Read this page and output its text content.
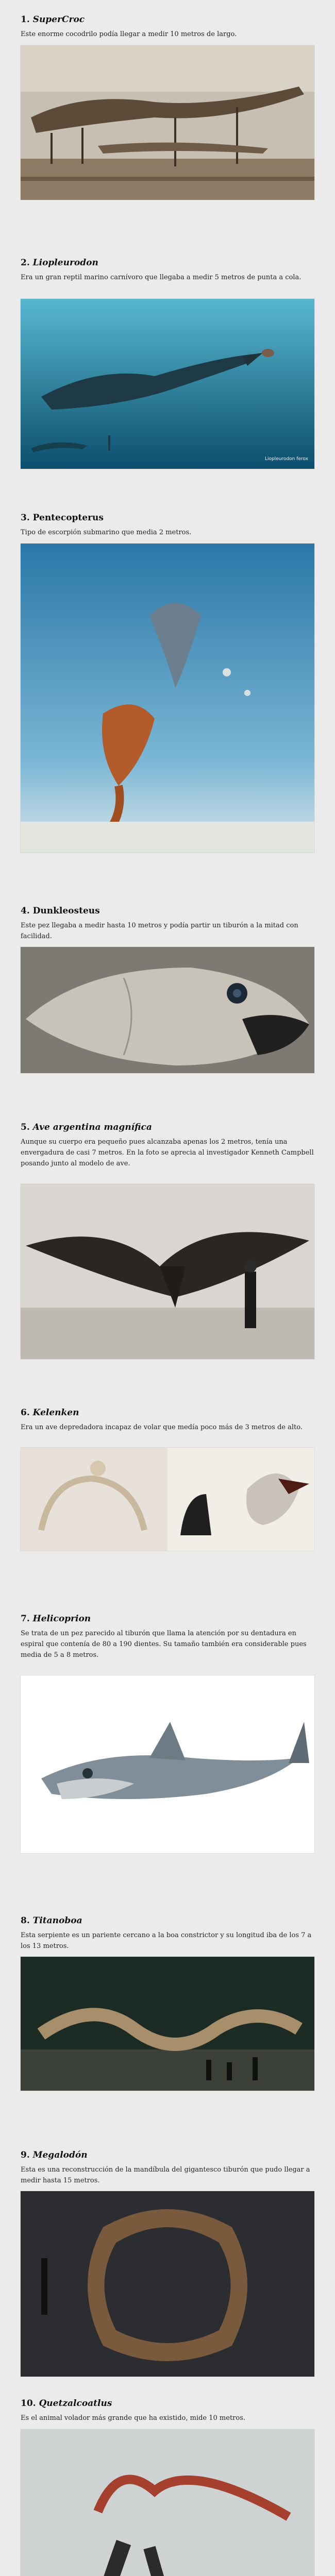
1. SuperCroc

Este enorme cocodrilo podía llegar a medir 10 metros de largo.

2. Liopleurodon

Era un gran reptil marino carnívoro que llegaba a medir 5 metros de punta a cola.

Liopleurodon ferox
3. Pentecopterus

Tipo de escorpión submarino que media 2 metros.

4. Dunkleosteus

Este pez llegaba a medir hasta 10 metros y podía partir un tiburón a la mitad con facilidad.

5. Ave argentina magnífica

Aunque su cuerpo era pequeño pues alcanzaba apenas los 2 metros, tenía una envergadura de casi 7 metros. En la foto se aprecia al investigador Kenneth Campbell posando junto al modelo de ave.

6. Kelenken

Era un ave depredadora incapaz de volar que medía poco más de 3 metros de alto.

7. Helicoprion

Se trata de un pez parecido al tiburón que llama la atención por su dentadura en espiral que contenía de 80 a 190 dientes. Su tamaño también era considerable pues media de 5 a 8 metros.

8. Titanoboa

Esta serpiente es un pariente cercano a la boa constrictor y su longitud iba de los 7 a los 13 metros.

9. Megalodón

Esta es una reconstrucción de la mandíbula del gigantesco tiburón que pudo llegar a medir hasta 15 metros.

10. Quetzalcoatlus

Es el animal volador más grande que ha existido, mide 10 metros.
